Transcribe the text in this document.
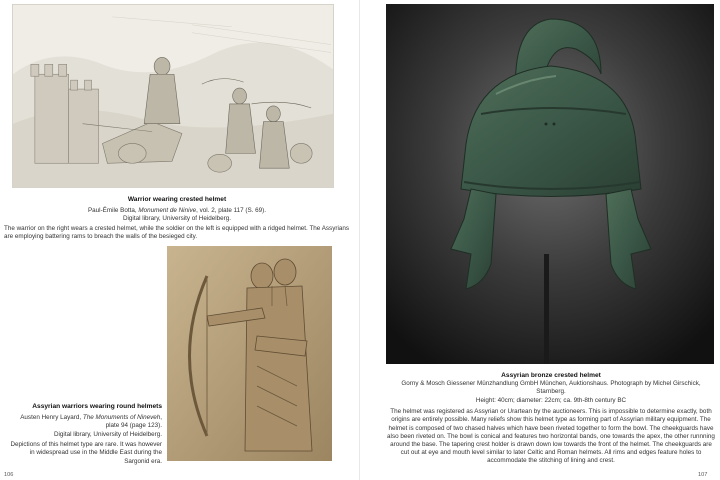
Warrior wearing crested helmet
Paul-Émile Botta, Monument de Ninive, vol. 2, plate 117 (S. 69).
Digital library, University of Heidelberg.
The warrior on the right wears a crested helmet, while the soldier on the left is equipped with a ridged helmet. The Assyrians are employing battering rams to breach the walls of the besieged city.
Assyrian warriors wearing round helmets
Austen Henry Layard, The Monuments of Nineveh,
plate 94 (page 123).
Digital library, University of Heidelberg.
Depictions of this helmet type are rare. It was however in widespread use in the Middle East during the Sargonid era.
106
Assyrian bronze crested helmet
Gorny & Mosch Giessener Münzhandlung GmbH München, Auktionshaus. Photograph by Michel Girschick, Starnberg.
Height: 40cm; diameter: 22cm; ca. 9th-8th century BC
The helmet was registered as Assyrian or Urartean by the auctioneers. This is impossible to determine exactly, both origins are entirely possible. Many reliefs show this helmet type as forming part of Assyrian military equipment. The helmet is composed of two chased halves which have been riveted together to form the bowl. The cheekguards have also been riveted on. The bowl is conical and features two horizontal bands, one towards the apex, the other runnning around the base. The tapering crest holder is drawn down low towards the front of the helmet. The cheekguards are cut out at eye and mouth level similar to later Celtic and Roman helmets. All rims and edges feature holes to accommodate the stitching of lining and crest.
107
